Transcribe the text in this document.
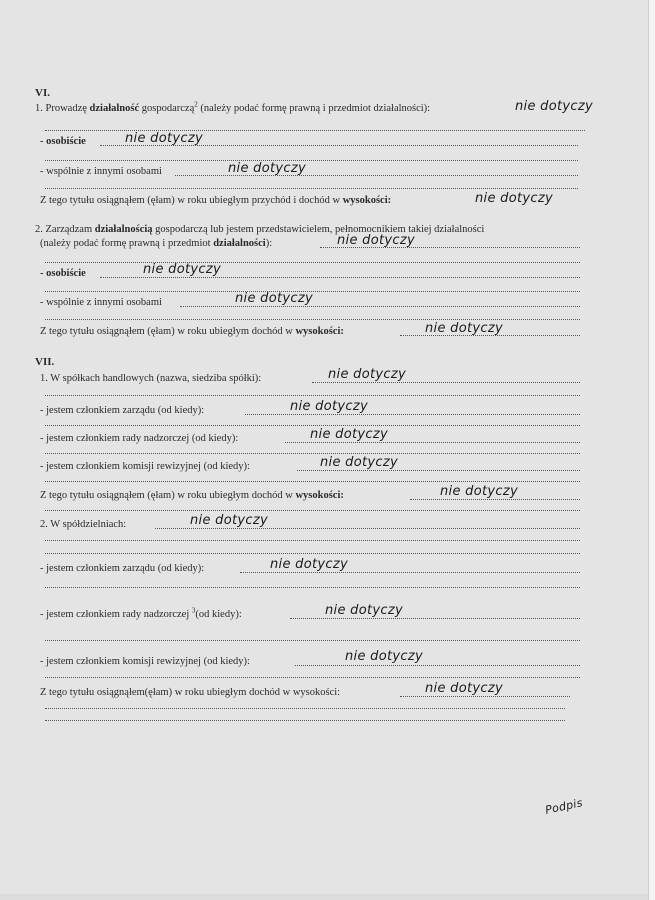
VI.
1. Prowadzę działalność gospodarczą$^2$ (należy podać formę prawną i przedmiot działalności):	nie dotyczy
- osobiście	nie dotyczy
- wspólnie z innymi osobami	nie dotyczy
Z tego tytułu osiągnąłem (ęłam) w roku ubiegłym przychód i dochód w wysokości:	nie dotyczy
2. Zarządzam działalnością gospodarczą lub jestem przedstawicielem, pełnomocnikiem takiej działalności
(należy podać formę prawną i przedmiot działalności):	nie dotyczy
- osobiście	nie dotyczy
- wspólnie z innymi osobami	nie dotyczy
Z tego tytułu osiągnąłem (ęłam) w roku ubiegłym dochód w wysokości:	nie dotyczy
VII.
1. W spółkach handlowych (nazwa, siedziba spółki):	nie dotyczy
- jestem członkiem zarządu (od kiedy):	nie dotyczy
- jestem członkiem rady nadzorczej (od kiedy):	nie dotyczy
- jestem członkiem komisji rewizyjnej (od kiedy):	nie dotyczy
Z tego tytułu osiągnąłem (ęłam) w roku ubiegłym dochód w wysokości:	nie dotyczy
2. W spółdzielniach:	nie dotyczy
- jestem członkiem zarządu (od kiedy):	nie dotyczy
- jestem członkiem rady nadzorczej $^3$(od kiedy):	nie dotyczy
- jestem członkiem komisji rewizyjnej (od kiedy):	nie dotyczy
Z tego tytułu osiągnąłem(ęłam) w roku ubiegłym dochód w wysokości:	nie dotyczy
Podpis
